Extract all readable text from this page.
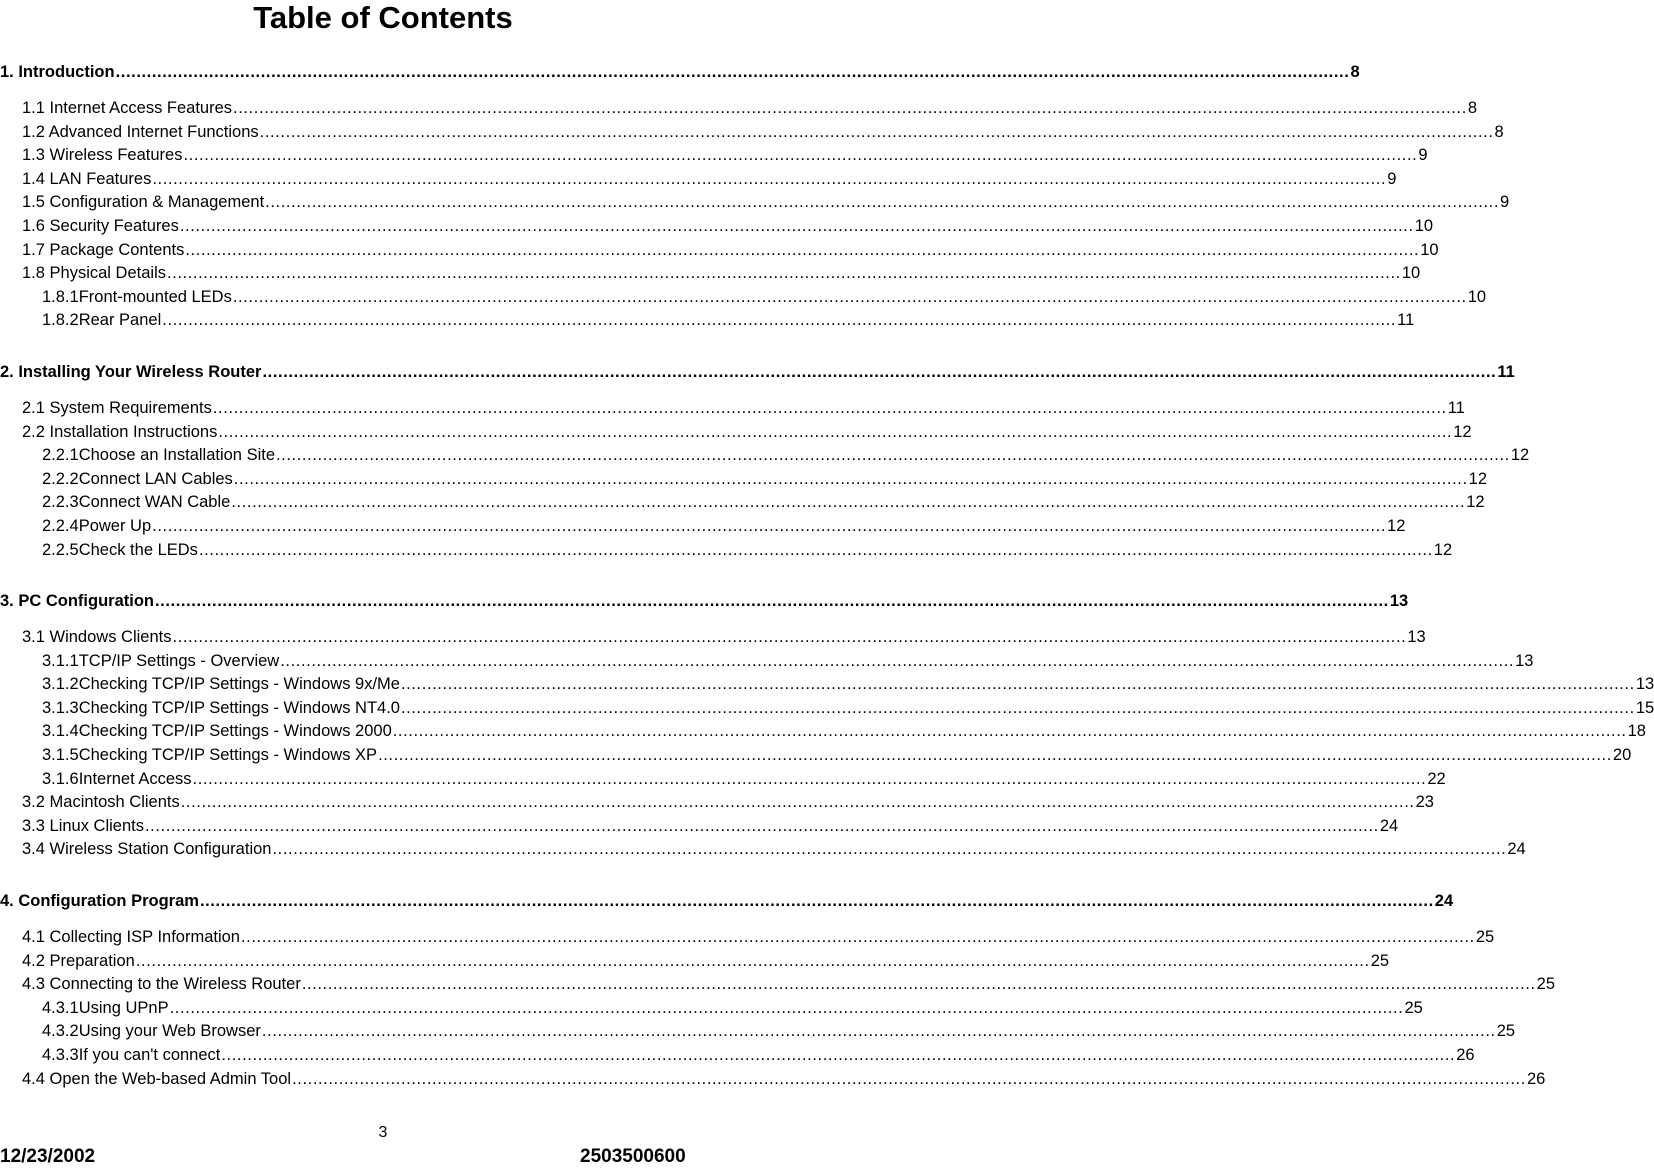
Table of Contents
1. Introduction .....	8
1.1 Internet Access Features .....	8
1.2 Advanced Internet Functions .....	8
1.3 Wireless Features .....	9
1.4 LAN Features .....	9
1.5 Configuration & Management .....	9
1.6 Security Features .....	10
1.7 Package Contents .....	10
1.8 Physical Details .....	10
1.8.1 Front-mounted LEDs .....	10
1.8.2 Rear Panel .....	11
2. Installing Your Wireless Router .....	11
2.1 System Requirements .....	11
2.2 Installation Instructions .....	12
2.2.1 Choose an Installation Site .....	12
2.2.2 Connect LAN Cables .....	12
2.2.3 Connect WAN Cable .....	12
2.2.4 Power Up .....	12
2.2.5 Check the LEDs .....	12
3. PC Configuration .....	13
3.1 Windows Clients .....	13
3.1.1 TCP/IP Settings - Overview .....	13
3.1.2 Checking TCP/IP Settings - Windows 9x/Me .....	13
3.1.3 Checking TCP/IP Settings - Windows NT4.0 .....	15
3.1.4 Checking TCP/IP Settings - Windows 2000 .....	18
3.1.5 Checking TCP/IP Settings - Windows XP .....	20
3.1.6 Internet Access .....	22
3.2 Macintosh Clients .....	23
3.3 Linux Clients .....	24
3.4 Wireless Station Configuration .....	24
4. Configuration Program .....	24
4.1 Collecting ISP Information .....	25
4.2 Preparation .....	25
4.3 Connecting to the Wireless Router .....	25
4.3.1 Using UPnP .....	25
4.3.2 Using your Web Browser .....	25
4.3.3 If you can't connect .....	26
4.4 Open the Web-based Admin Tool .....	26
3
12/23/2002	2503500600
